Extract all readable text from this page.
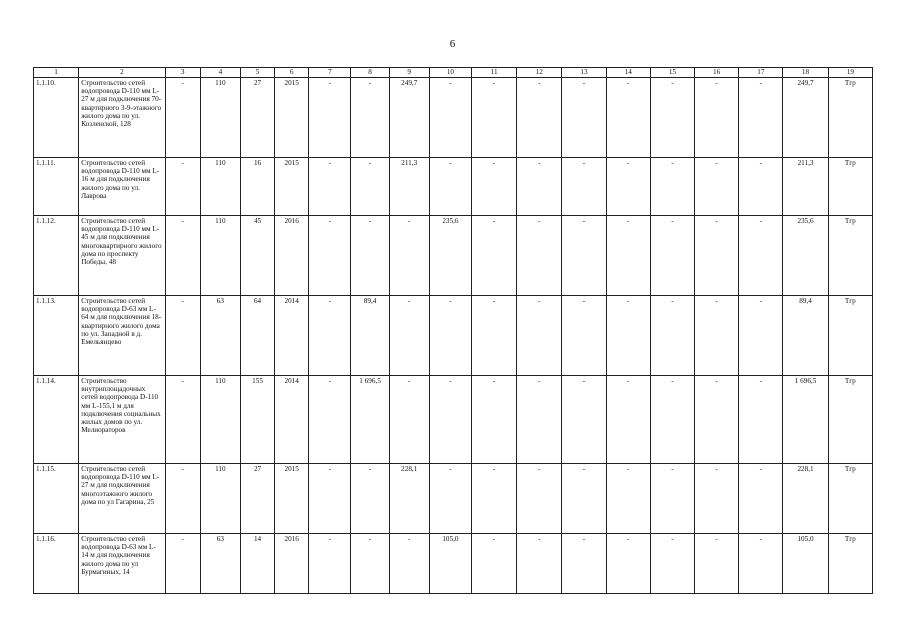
6
1	2	3	4	5	6	7	8	9	10	11	12	13	14	15	16	17	18	19
1.1.10.	Строительство сетей водопровода D-110 мм L-27 м для подключения 70-квартирного 3-9-этажного жилого дома по ул. Козленской, 128	-	110	27	2015	-	-	249,7	-	-	-	-	-	-	-	-	249,7	Тгр
1.1.11.	Строительство сетей водопровода D-110 мм L-16 м для подключения жилого дома по ул. Лаврова	-	110	16	2015	-	-	211,3	-	-	-	-	-	-	-	-	211,3	Тгр
1.1.12.	Строительство сетей водопровода D-110 мм L-45 м для подключения многоквартирного жилого дома по проспекту Победы, 48	-	110	45	2016	-	-	-	235,6	-	-	-	-	-	-	-	235,6	Тгр
1.1.13.	Строительство сетей водопровода D-63 мм L-64 м для подключения 18-квартирного жилого дома по ул. Западной в д. Емельянцево	-	63	64	2014	-	89,4	-	-	-	-	-	-	-	-	-	89,4	Тгр
1.1.14.	Строительство внутриплощадочных сетей водопровода D-110 мм L-155,1 м для подключения социальных жилых домов по ул. Мелиораторов	-	110	155	2014	-	1 696,5	-	-	-	-	-	-	-	-	-	1 696,5	Тгр
1.1.15.	Строительство сетей водопровода D-110 мм L-27 м для подключения многоэтажного жилого дома по ул Гагарина, 25	-	110	27	2015	-	-	228,1	-	-	-	-	-	-	-	-	228,1	Тгр
1.1.16.	Строительство сетей водопровода D-63 мм L-14 м для подключения жилого дома по ул Бурмагиных, 14	-	63	14	2016	-	-	-	105,0	-	-	-	-	-	-	-	105,0	Тгр
